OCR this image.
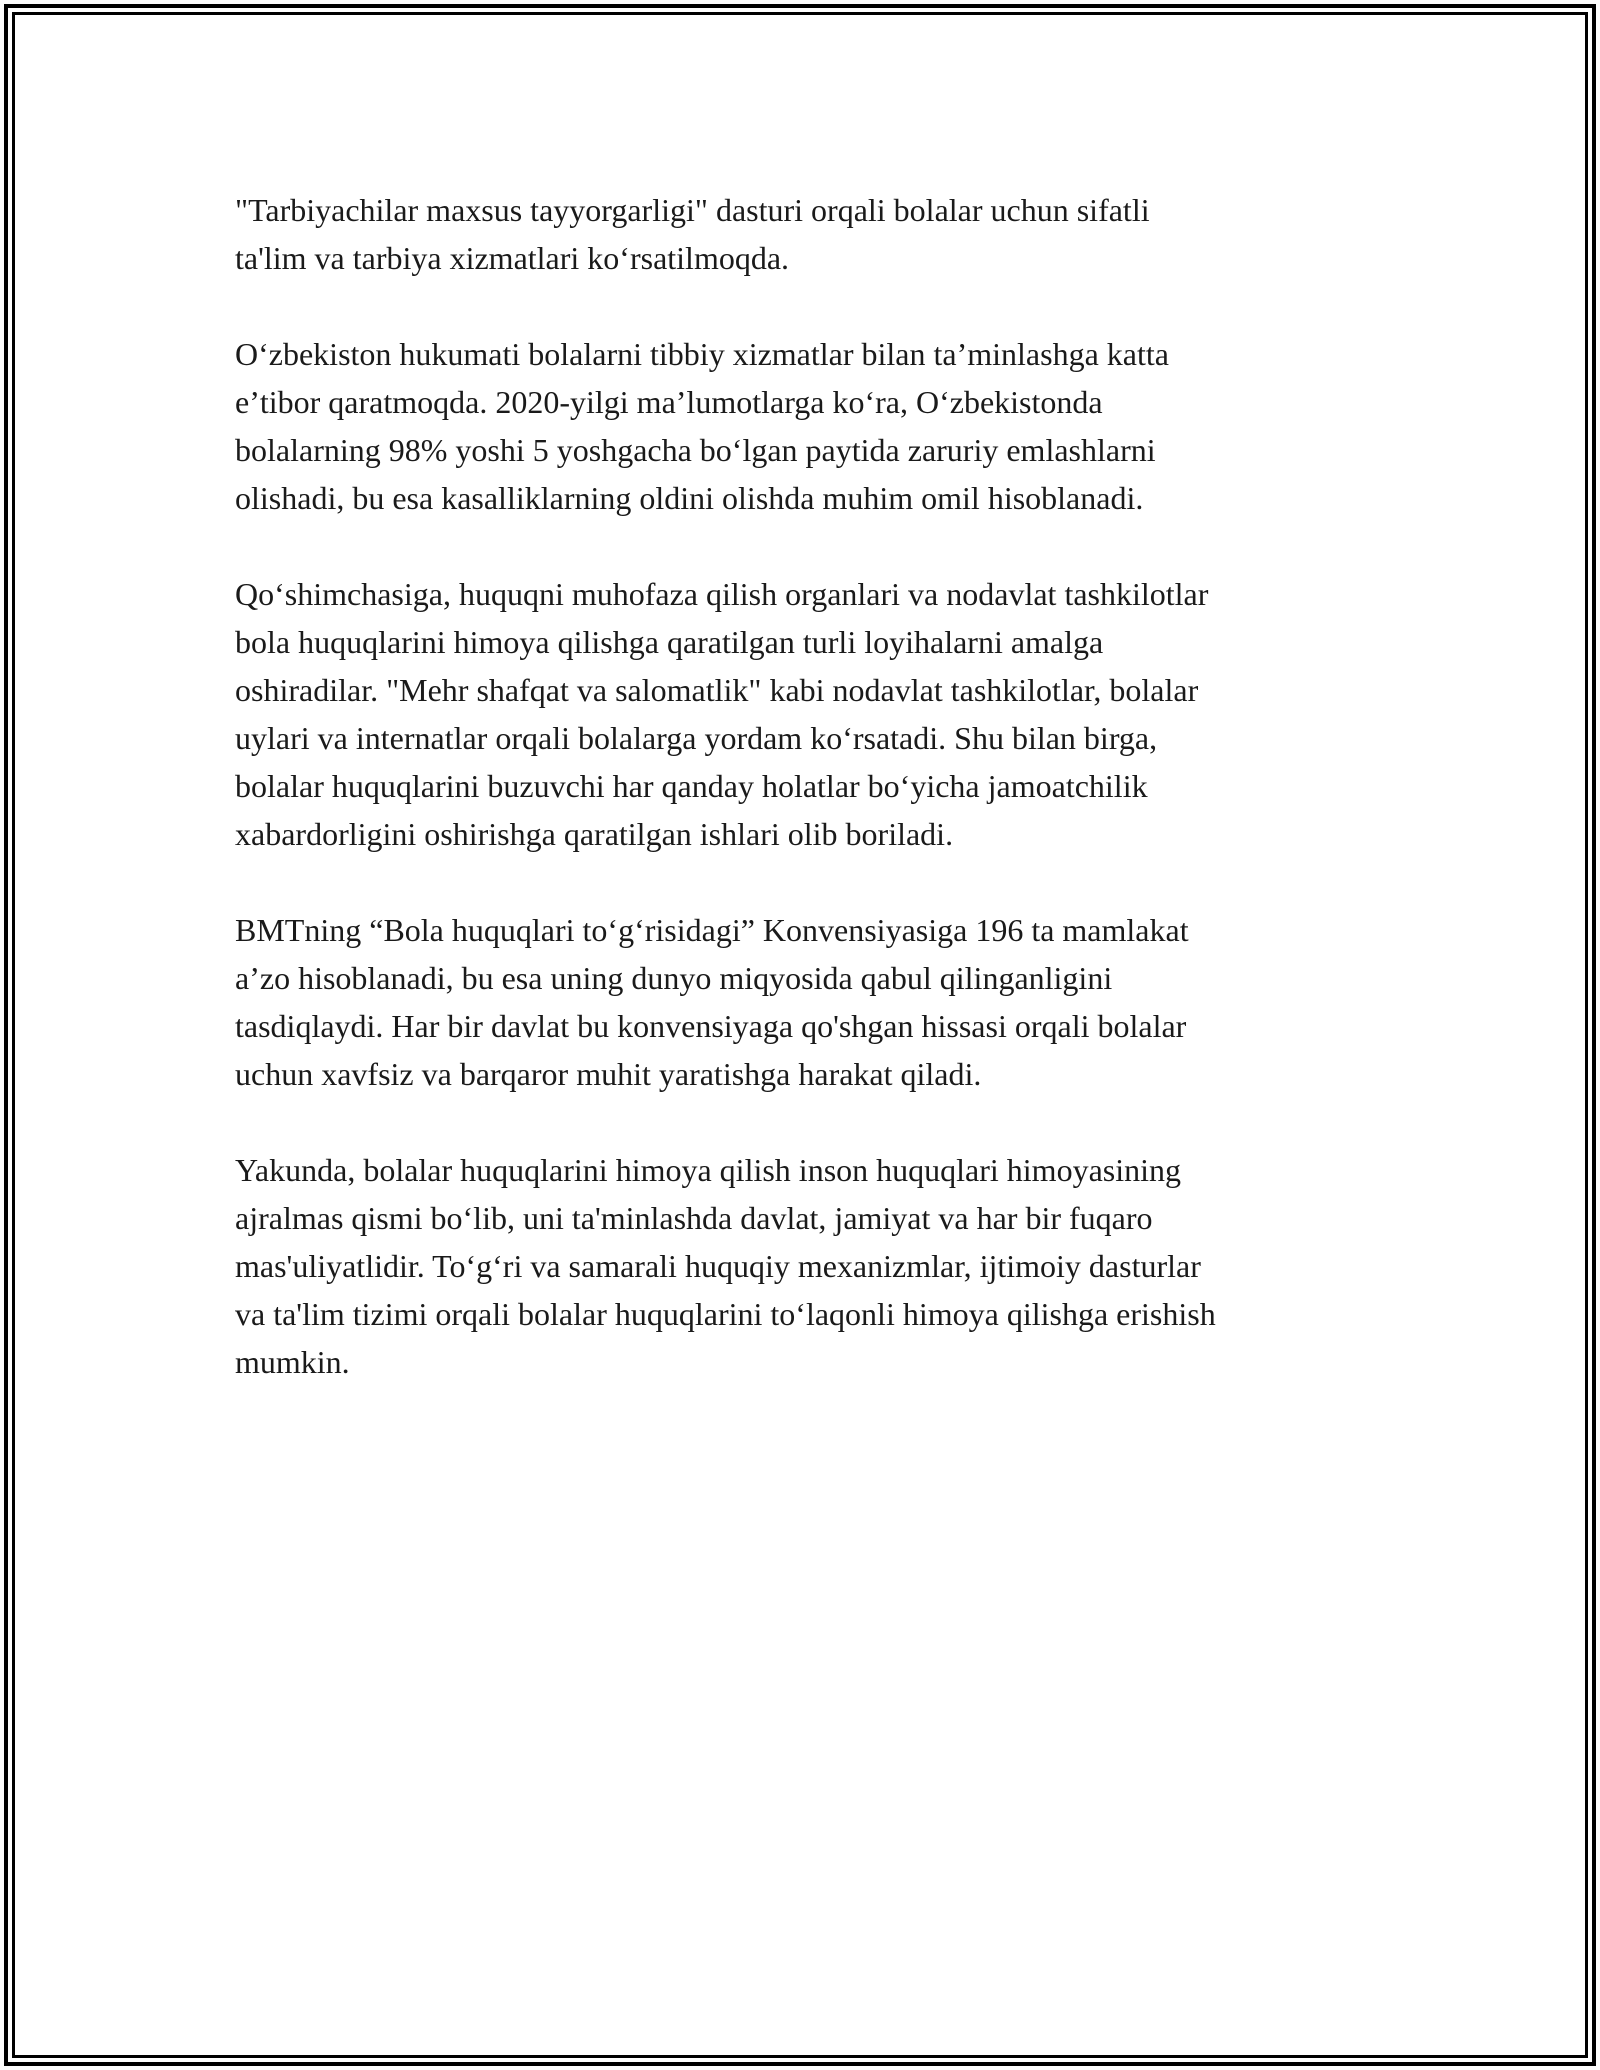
"Tarbiyachilar maxsus tayyorgarligi" dasturi orqali bolalar uchun sifatli
ta'lim va tarbiya xizmatlari koʻrsatilmoqda.

Oʻzbekiston hukumati bolalarni tibbiy xizmatlar bilan taʼminlashga katta
eʼtibor qaratmoqda. 2020-yilgi maʼlumotlarga koʻra, Oʻzbekistonda
bolalarning 98% yoshi 5 yoshgacha boʻlgan paytida zaruriy emlashlarni
olishadi, bu esa kasalliklarning oldini olishda muhim omil hisoblanadi.

Qoʻshimchasiga, huquqni muhofaza qilish organlari va nodavlat tashkilotlar
bola huquqlarini himoya qilishga qaratilgan turli loyihalarni amalga
oshiradilar. "Mehr shafqat va salomatlik" kabi nodavlat tashkilotlar, bolalar
uylari va internatlar orqali bolalarga yordam koʻrsatadi. Shu bilan birga,
bolalar huquqlarini buzuvchi har qanday holatlar boʻyicha jamoatchilik
xabardorligini oshirishga qaratilgan ishlari olib boriladi.

BMTning “Bola huquqlari toʻgʻrisidagi” Konvensiyasiga 196 ta mamlakat
aʼzo hisoblanadi, bu esa uning dunyo miqyosida qabul qilinganligini
tasdiqlaydi. Har bir davlat bu konvensiyaga qo'shgan hissasi orqali bolalar
uchun xavfsiz va barqaror muhit yaratishga harakat qiladi.

Yakunda, bolalar huquqlarini himoya qilish inson huquqlari himoyasining
ajralmas qismi boʻlib, uni ta'minlashda davlat, jamiyat va har bir fuqaro
mas'uliyatlidir. Toʻgʻri va samarali huquqiy mexanizmlar, ijtimoiy dasturlar
va ta'lim tizimi orqali bolalar huquqlarini toʻlaqonli himoya qilishga erishish
mumkin.
